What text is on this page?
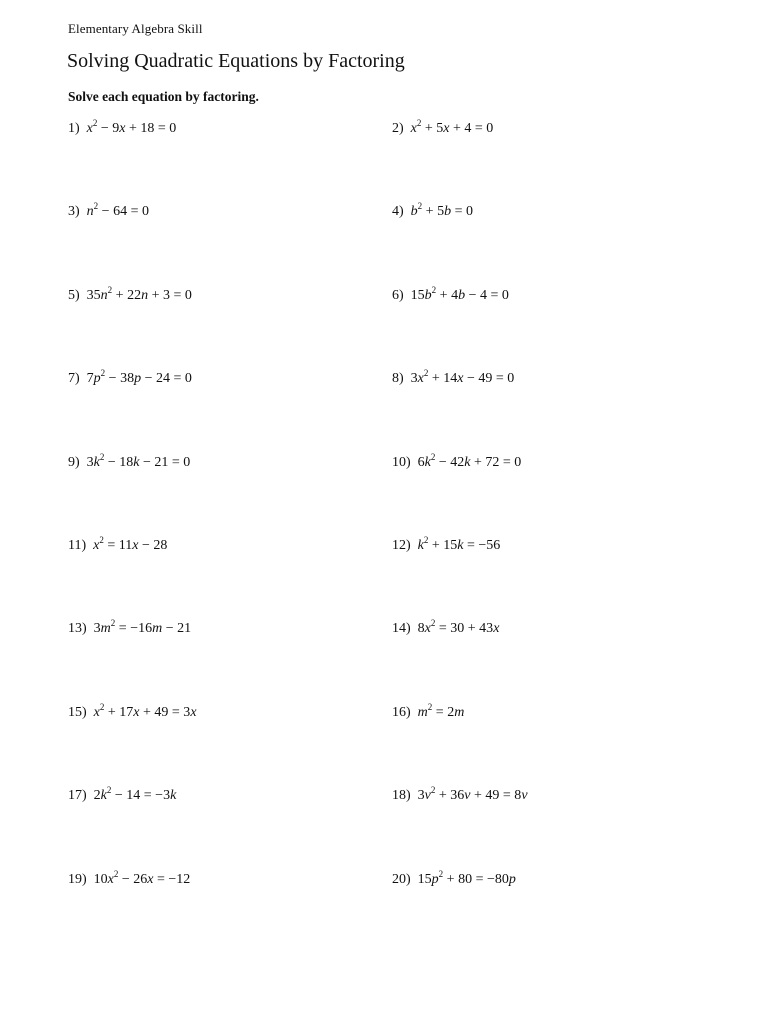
Elementary Algebra Skill
Solving Quadratic Equations by Factoring
Solve each equation by factoring.
1) $x^2 - 9x + 18 = 0$	2) $x^2 + 5x + 4 = 0$
3) $n^2 - 64 = 0$	4) $b^2 + 5b = 0$
5) $35n^2 + 22n + 3 = 0$	6) $15b^2 + 4b - 4 = 0$
7) $7p^2 - 38p - 24 = 0$	8) $3x^2 + 14x - 49 = 0$
9) $3k^2 - 18k - 21 = 0$	10) $6k^2 - 42k + 72 = 0$
11) $x^2 = 11x - 28$	12) $k^2 + 15k = -56$
13) $3m^2 = -16m - 21$	14) $8x^2 = 30 + 43x$
15) $x^2 + 17x + 49 = 3x$	16) $m^2 = 2m$
17) $2k^2 - 14 = -3k$	18) $3v^2 + 36v + 49 = 8v$
19) $10x^2 - 26x = -12$	20) $15p^2 + 80 = -80p$
